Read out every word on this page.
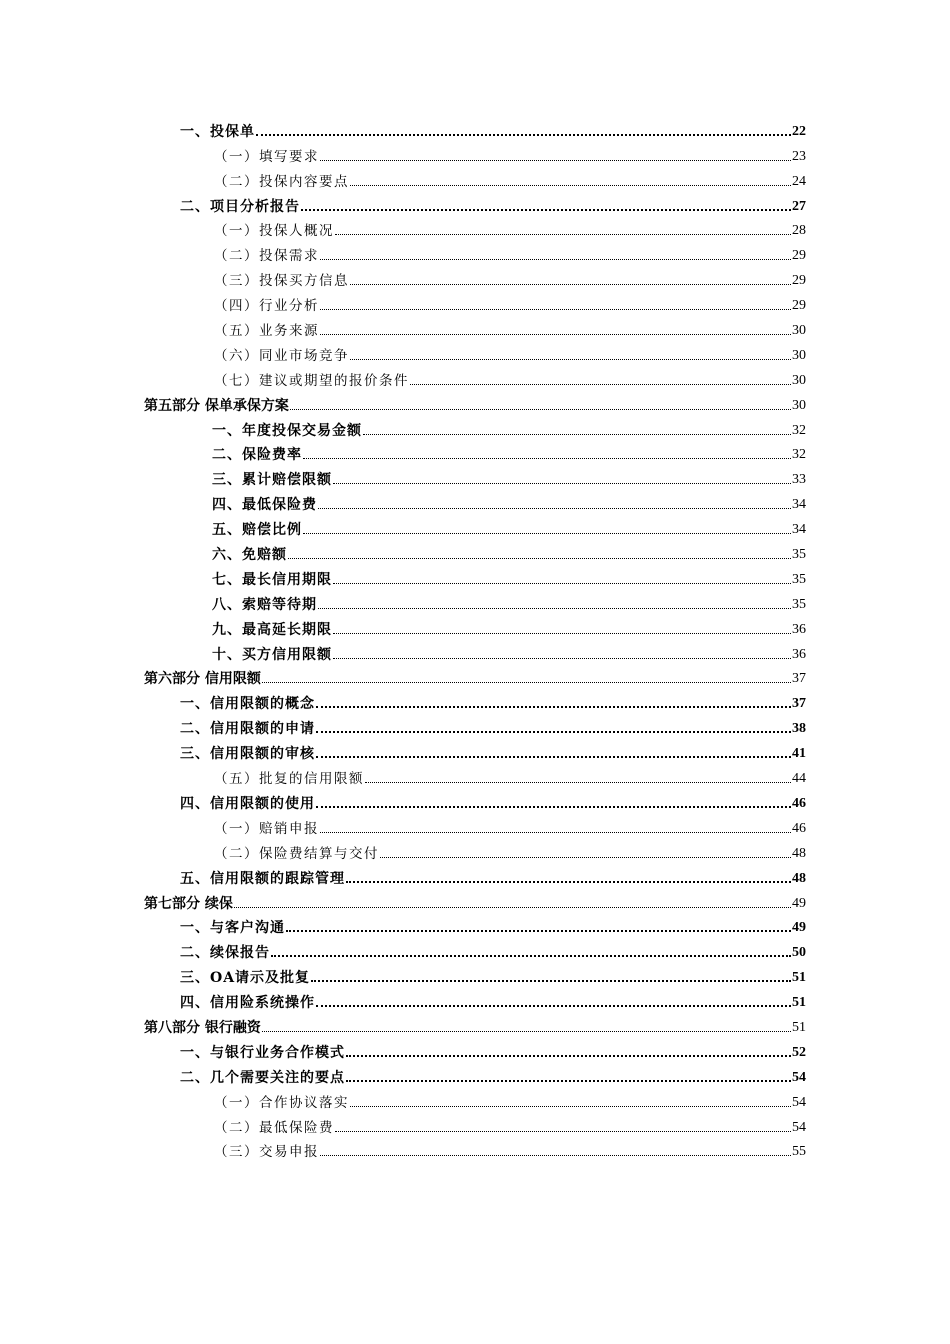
一、投保单	22
（一）填写要求	23
（二）投保内容要点	24
二、项目分析报告	27
（一）投保人概况	28
（二）投保需求	29
（三）投保买方信息	29
（四）行业分析	29
（五）业务来源	30
（六）同业市场竞争	30
（七）建议或期望的报价条件	30
第五部分 保单承保方案	30
一、年度投保交易金额	32
二、保险费率	32
三、累计赔偿限额	33
四、最低保险费	34
五、赔偿比例	34
六、免赔额	35
七、最长信用期限	35
八、索赔等待期	35
九、最高延长期限	36
十、买方信用限额	36
第六部分 信用限额	37
一、信用限额的概念	37
二、信用限额的申请	38
三、信用限额的审核	41
（五）批复的信用限额	44
四、信用限额的使用	46
（一）赔销申报	46
（二）保险费结算与交付	48
五、信用限额的跟踪管理	48
第七部分 续保	49
一、与客户沟通	49
二、续保报告	50
三、OA请示及批复	51
四、信用险系统操作	51
第八部分 银行融资	51
一、与银行业务合作模式	52
二、几个需要关注的要点	54
（一）合作协议落实	54
（二）最低保险费	54
（三）交易申报	55
